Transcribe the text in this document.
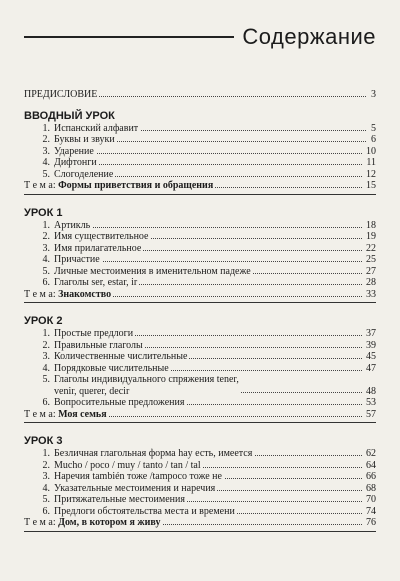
Содержание
ПРЕДИСЛОВИЕ	3
ВВОДНЫЙ УРОК
1. Испанский алфавит	5
2. Буквы и звуки	6
3. Ударение	10
4. Дифтонги	11
5. Слогоделение	12
Т е м а: Формы приветствия и обращения	15
УРОК 1
1. Артикль	18
2. Имя существительное	19
3. Имя прилагательное	22
4. Причастие	25
5. Личные местоимения в именительном падеже	27
6. Глаголы ser, estar, ir	28
Т е м а: Знакомство	33
УРОК 2
1. Простые предлоги	37
2. Правильные глаголы	39
3. Количественные числительные	45
4. Порядковые числительные	47
5. Глаголы индивидуального спряжения tener,
venir, querer, decir	48
6. Вопросительные предложения	53
Т е м а: Моя семья	57
УРОК 3
1. Безличная глагольная форма hay есть, имеется	62
2. Mucho / poco / muy / tanto / tan / tal	64
3. Наречия también тоже /tampoco тоже не	66
4. Указательные местоимения и наречия	68
5. Притяжательные местоимения	70
6. Предлоги обстоятельства места и времени	74
Т е м а: Дом, в котором я живу	76
